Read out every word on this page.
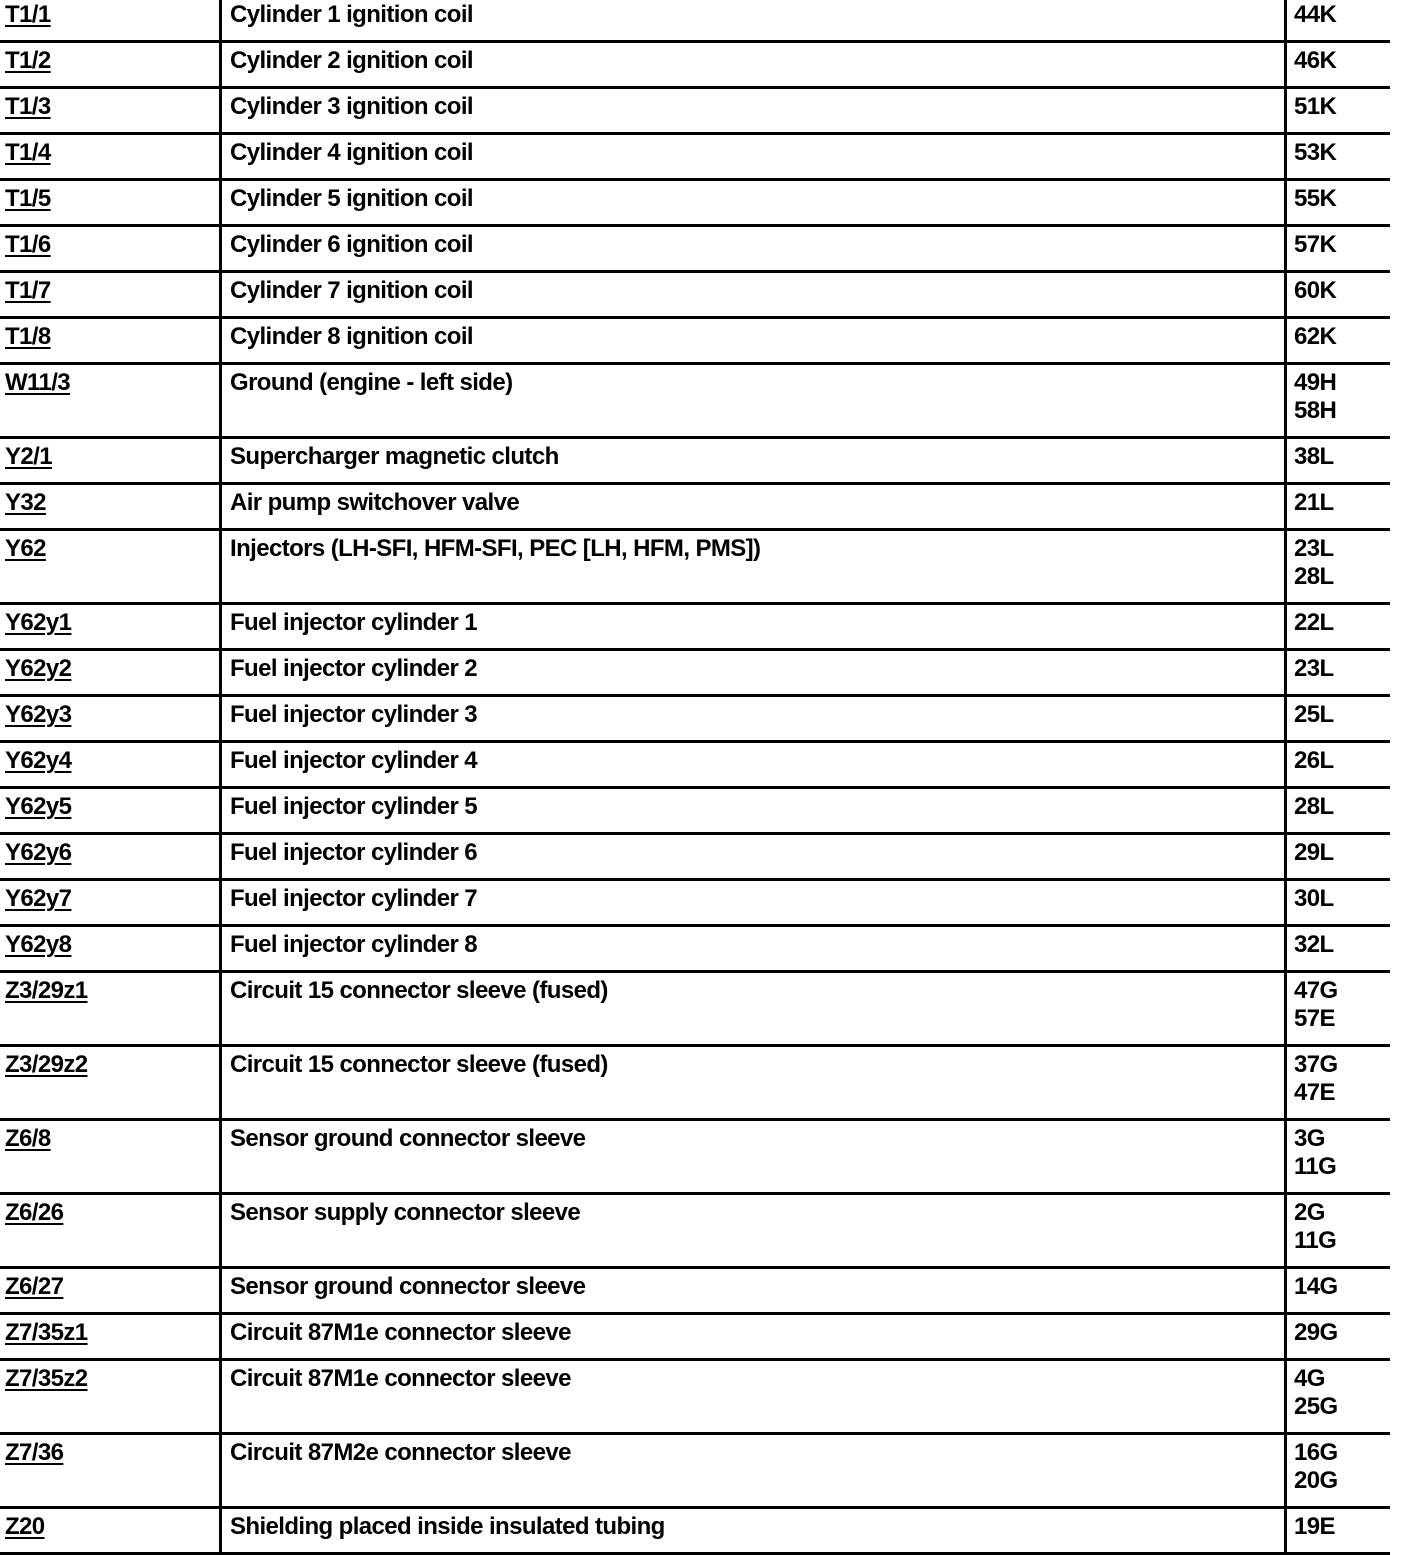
T1/1	Cylinder 1 ignition coil	44K

T1/2	Cylinder 2 ignition coil	46K

T1/3	Cylinder 3 ignition coil	51K

T1/4	Cylinder 4 ignition coil	53K

T1/5	Cylinder 5 ignition coil	55K

T1/6	Cylinder 6 ignition coil	57K

T1/7	Cylinder 7 ignition coil	60K

T1/8	Cylinder 8 ignition coil	62K

W11/3	Ground (engine - left side)	49H
58H

Y2/1	Supercharger magnetic clutch	38L

Y32	Air pump switchover valve	21L

Y62	Injectors (LH-SFI, HFM-SFI, PEC [LH, HFM, PMS])	23L
28L

Y62y1	Fuel injector cylinder 1	22L

Y62y2	Fuel injector cylinder 2	23L

Y62y3	Fuel injector cylinder 3	25L

Y62y4	Fuel injector cylinder 4	26L

Y62y5	Fuel injector cylinder 5	28L

Y62y6	Fuel injector cylinder 6	29L

Y62y7	Fuel injector cylinder 7	30L

Y62y8	Fuel injector cylinder 8	32L

Z3/29z1	Circuit 15 connector sleeve (fused)	47G
57E

Z3/29z2	Circuit 15 connector sleeve (fused)	37G
47E

Z6/8	Sensor ground connector sleeve	3G
11G

Z6/26	Sensor supply connector sleeve	2G
11G

Z6/27	Sensor ground connector sleeve	14G

Z7/35z1	Circuit 87M1e connector sleeve	29G

Z7/35z2	Circuit 87M1e connector sleeve	4G
25G

Z7/36	Circuit 87M2e connector sleeve	16G
20G

Z20	Shielding placed inside insulated tubing	19E
